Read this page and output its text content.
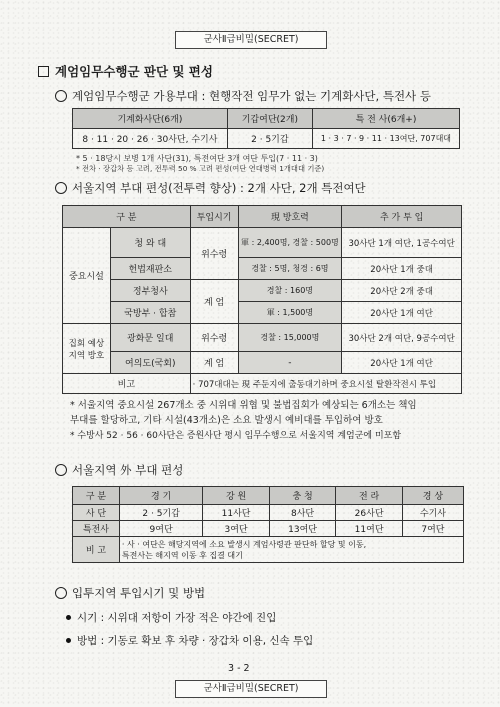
군사Ⅱ급비밀(SECRET)
계엄임무수행군 판단 및 편성
계엄임무수행군 가용부대 : 현행작전 임무가 없는 기계화사단, 특전사 등
기계화사단(6개)	기갑여단(2개)	특 전 사(6개+)
8 · 11 · 20 · 26 · 30사단, 수기사	2 · 5기갑	1 · 3 · 7 · 9 · 11 · 13여단, 707대대
* 5 · 18당시 보병 1개 사단(31), 특전여단 3개 여단 투입(7 · 11 · 3)
* 전차 · 장갑차 등 고려, 전투력 50 % 고려 편성(여단 연대병력 1개대대 기준)
서울지역 부대 편성(전투력 향상) : 2개 사단, 2개 특전여단
구 분		투입시기	現 방호력	추 가 투 입
중요시설	청 와 대	위수령	軍 : 2,400명, 경찰 : 500명	30사단 1개 여단, 1공수여단
	헌법재판소		경찰 : 5명, 청경 : 6명	20사단 1개 중대
	정부청사	계 엄	경찰 : 160명	20사단 2개 중대
	국방부 · 합참		軍 : 1,500명	20사단 1개 여단
집회 예상 지역 방호	광화문 일대	위수령	경찰 : 15,000명	30사단 2개 여단, 9공수여단
	여의도(국회)	계 엄	-	20사단 1개 여단
비고		· 707대대는 現 주둔지에 출동대기하며 중요시설 탈환작전시 투입		
* 서울지역 중요시설 267개소 중 시위대 위협 및 불법집회가 예상되는 6개소는 책임
부대를 할당하고, 기타 시설(43개소)은 소요 발생시 예비대를 투입하여 방호
* 수방사 52 · 56 · 60사단은 증원사단 평시 임무수행으로 서울지역 계엄군에 미포함
서울지역 外 부대 편성
구 분	경 기	강 원	충 청	전 라	경 상
사 단	2 · 5기갑	11사단	8사단	26사단	수기사
특전사	9여단	3여단	13여단	11여단	7여단
비 고	· 사 · 여단은 해당지역에 소요 발생시 계엄사령관 판단하 할당 및 이동,
특전사는 해지역 이동 후 집결 대기				
입투지역 투입시기 및 방법
시기 : 시위대 저항이 가장 적은 야간에 진입
방법 : 기동로 확보 후 차량 · 장갑차 이용, 신속 투입
3 - 2
군사Ⅱ급비밀(SECRET)
